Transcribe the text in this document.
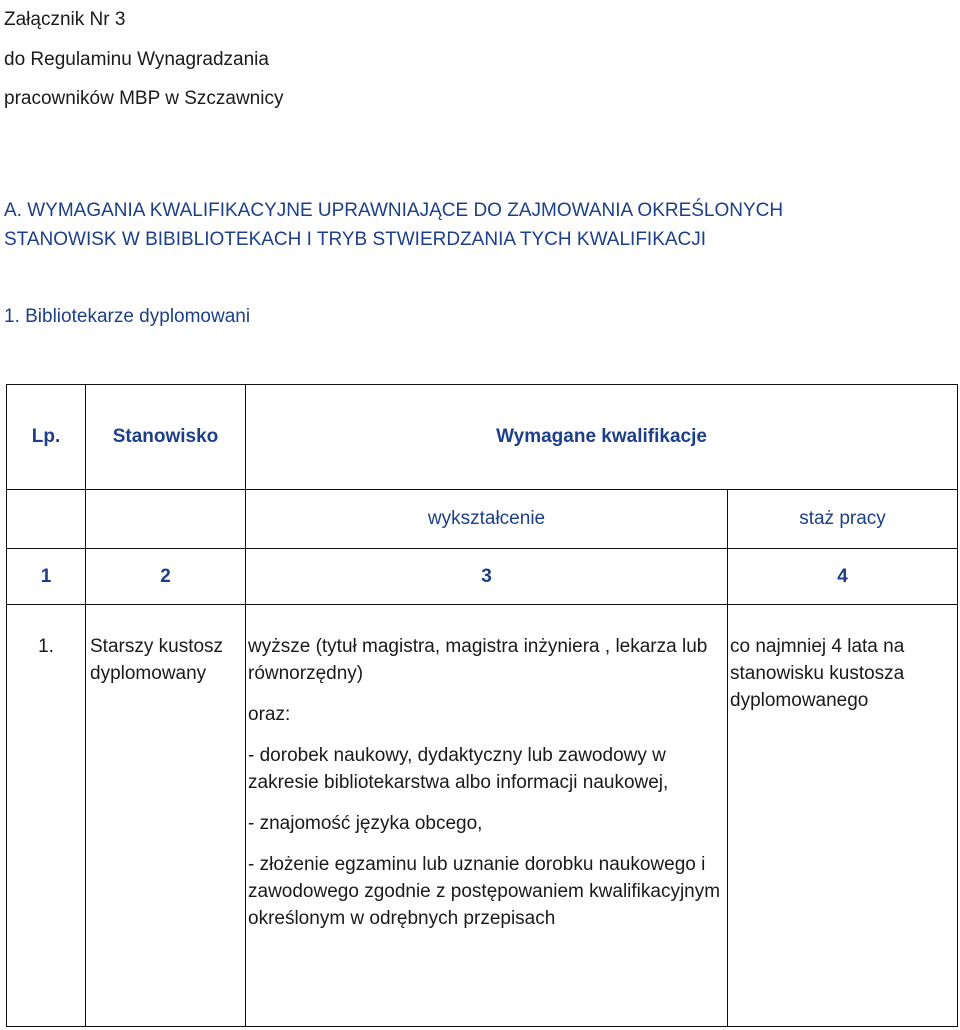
Załącznik Nr 3
do Regulaminu Wynagradzania
pracowników MBP w Szczawnicy
A. WYMAGANIA KWALIFIKACYJNE UPRAWNIAJĄCE DO ZAJMOWANIA OKREŚLONYCH
STANOWISK W BIBIBLIOTEKACH I TRYB STWIERDZANIA TYCH KWALIFIKACJI
1. Bibliotekarze dyplomowani
Lp.	Stanowisko	Wymagane kwalifikacje	
		wykształcenie	staż pracy
1	2	3	4
1.	Starszy kustosz dyplomowany	wyższe (tytuł magistra, magistra inżyniera , lekarza lub równorzędny)

oraz:

- dorobek naukowy, dydaktyczny lub zawodowy w zakresie bibliotekarstwa albo informacji naukowej,

- znajomość języka obcego,

- złożenie egzaminu lub uznanie dorobku naukowego i zawodowego zgodnie z postępowaniem kwalifikacyjnym określonym w odrębnych przepisach	co najmniej 4 lata na stanowisku kustosza dyplomowanego
